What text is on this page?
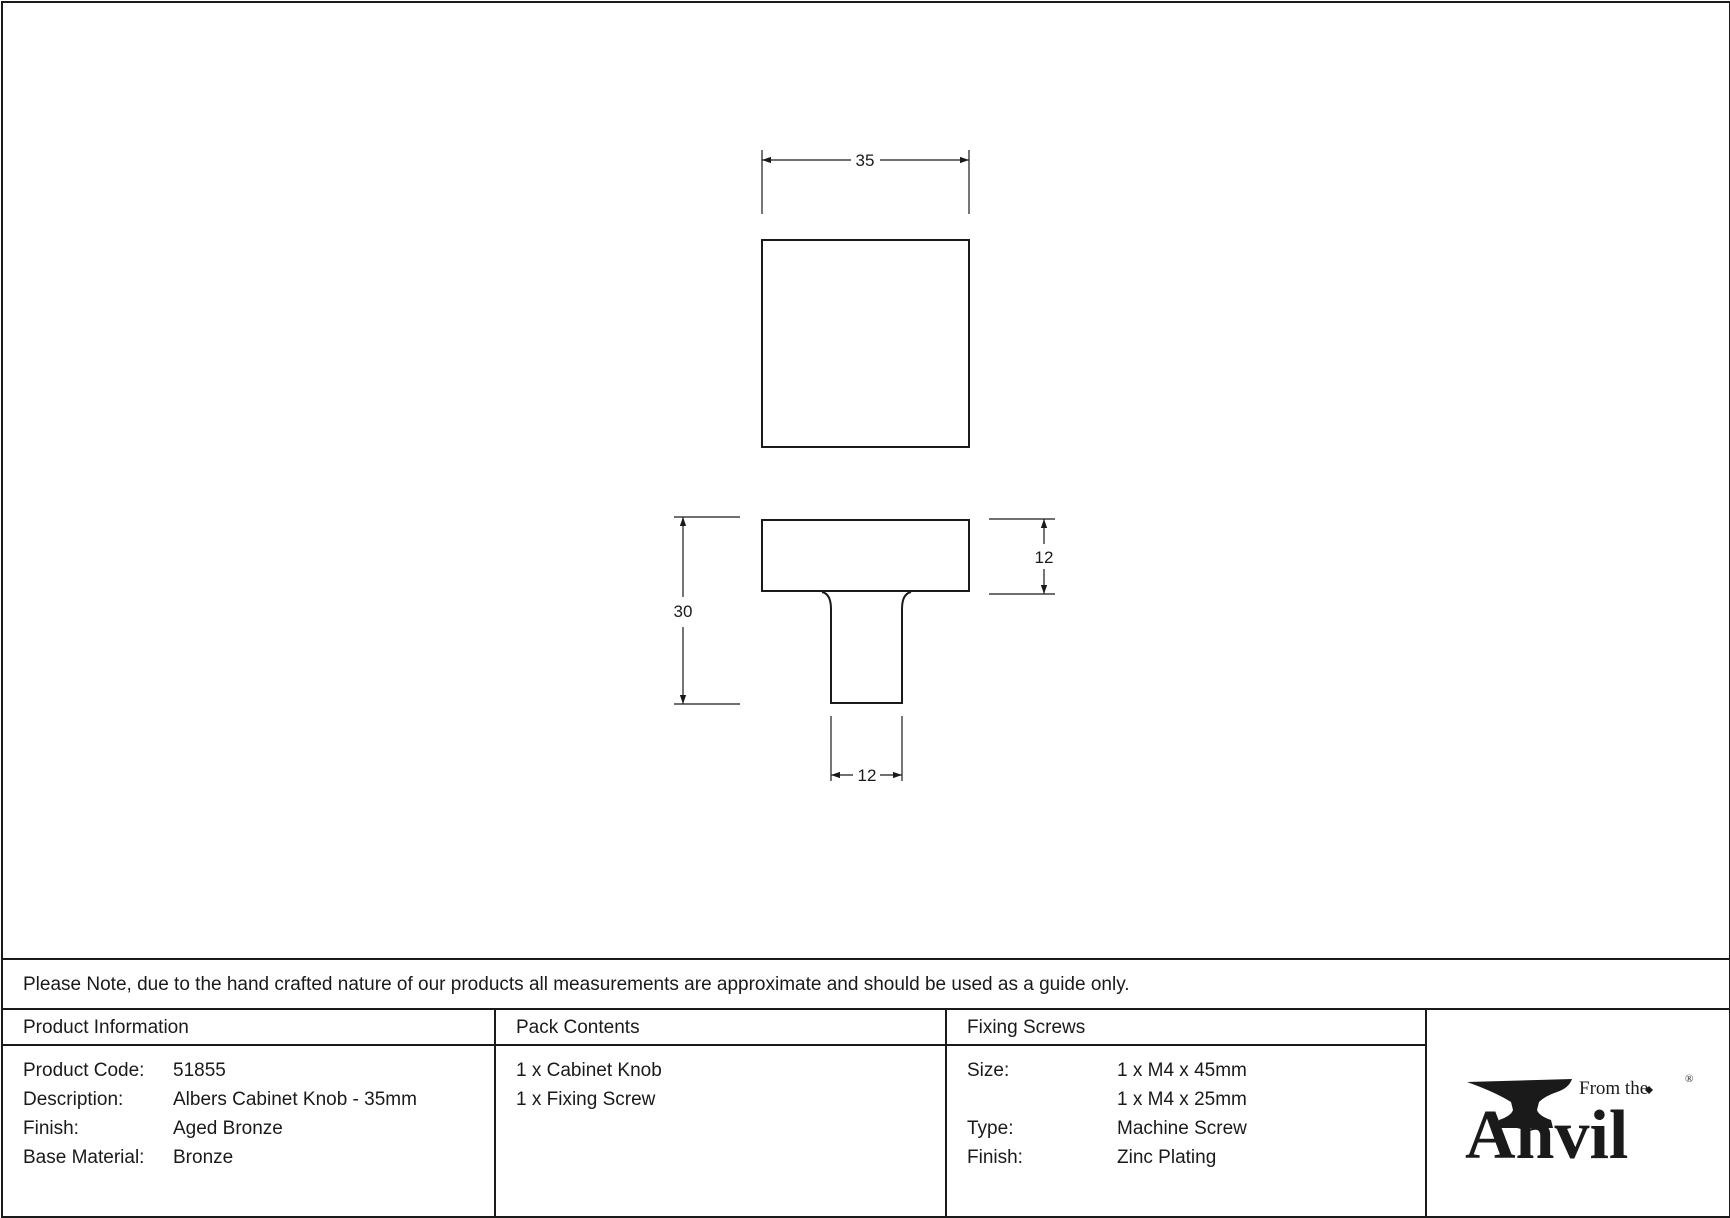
35
30
12
12
Please Note, due to the hand crafted nature of our products all measurements are approximate and should be used as a guide only.
Product Information
Product Code: 51855
Description:	Albers Cabinet Knob - 35mm
Finish:	Aged Bronze
Base Material: Bronze
Pack Contents
1 x Cabinet Knob
1 x Fixing Screw
Fixing Screws
Size:	1 x M4 x 45mm
1 x M4 x 25mm
Type:	Machine Screw
Finish:	Zinc Plating
From the	®
Anvil
